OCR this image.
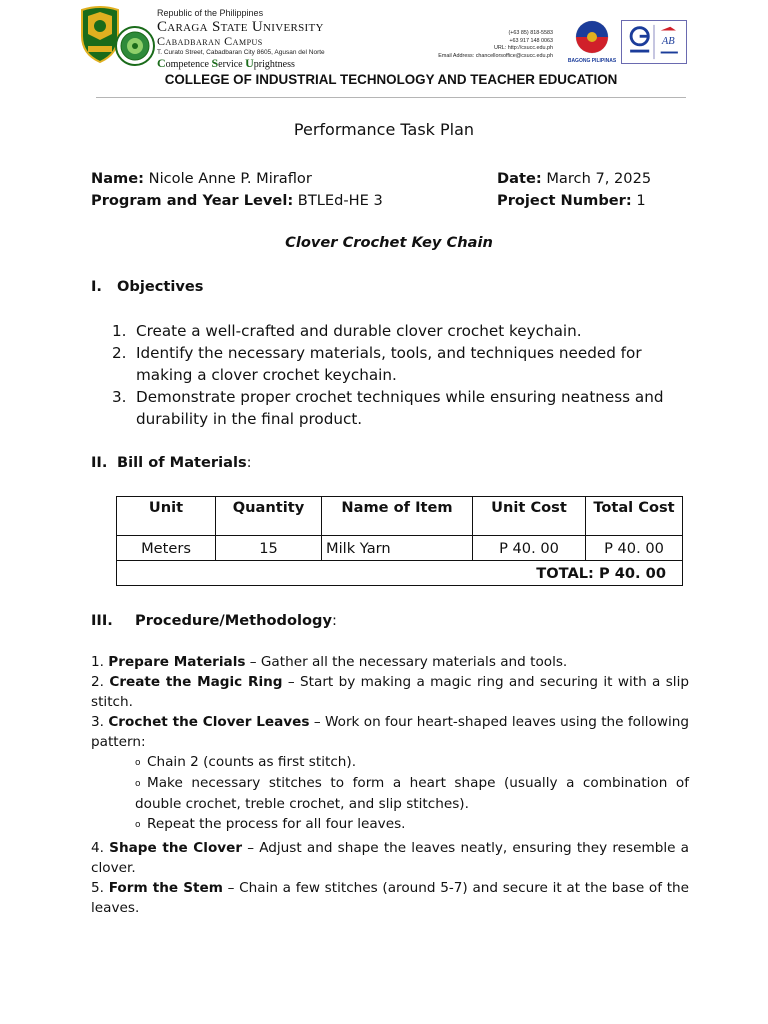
Republic of the Philippines
Caraga State University
Cabadbaran Campus
T. Curato Street, Cabadbaran City 8605, Agusan del Norte
Competence Service Uprightness
(+63 85) 818-5583
+63 917 148 0063
URL: http://csucc.edu.ph
Email Address: chancellorsoffice@csucc.edu.ph
BAGONG PILIPINAS
AB
COLLEGE OF INDUSTRIAL TECHNOLOGY AND TEACHER EDUCATION
Performance Task Plan
Name: Nicole Anne P. Miraflor	Date: March 7, 2025
Program and Year Level: BTLEd-HE 3	Project Number: 1
Clover Crochet Key Chain
I. Objectives
1. Create a well-crafted and durable clover crochet keychain.
2. Identify the necessary materials, tools, and techniques needed for making a clover crochet keychain.
3. Demonstrate proper crochet techniques while ensuring neatness and durability in the final product.
II. Bill of Materials:
Unit	Quantity	Name of Item	Unit Cost	Total Cost
Meters	15	Milk Yarn	P 40. 00	P 40. 00
TOTAL: P 40. 00				
III. Procedure/Methodology:

1. Prepare Materials – Gather all the necessary materials and tools.

2. Create the Magic Ring – Start by making a magic ring and securing it with a slip stitch.

3. Crochet the Clover Leaves – Work on four heart-shaped leaves using the following pattern:

o Chain 2 (counts as first stitch).

o Make necessary stitches to form a heart shape (usually a combination of double crochet, treble crochet, and slip stitches).

o Repeat the process for all four leaves.

4. Shape the Clover – Adjust and shape the leaves neatly, ensuring they resemble a clover.

5. Form the Stem – Chain a few stitches (around 5-7) and secure it at the base of the leaves.
